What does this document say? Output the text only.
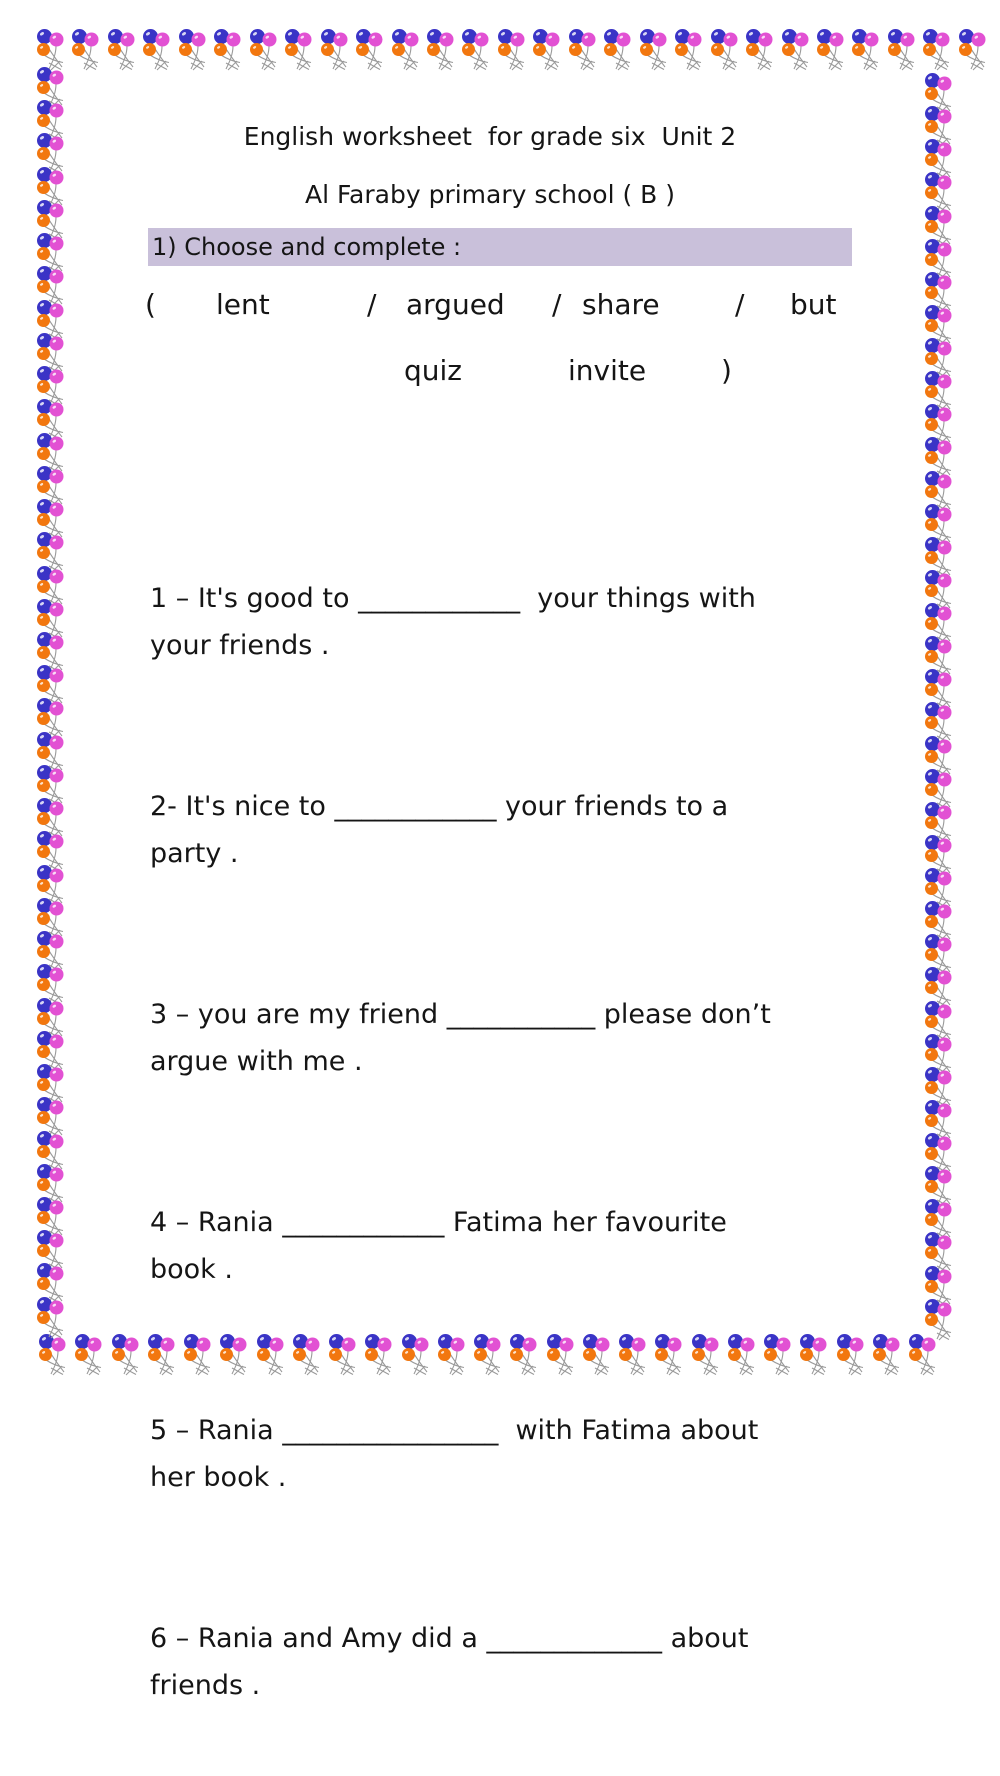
English worksheet  for grade six  Unit 2
Al Faraby primary school ( B )
1) Choose and complete :
( lent	/ argued / share	/ but
quiz	invite	)

1 – It's good to ____________  your things with
your friends .

2- It's nice to ____________ your friends to a
party .

3 – you are my friend ___________ please don’t
argue with me .

4 – Rania ____________ Fatima her favourite
book .

5 – Rania ________________  with Fatima about
her book .

6 – Rania and Amy did a _____________ about
friends .
